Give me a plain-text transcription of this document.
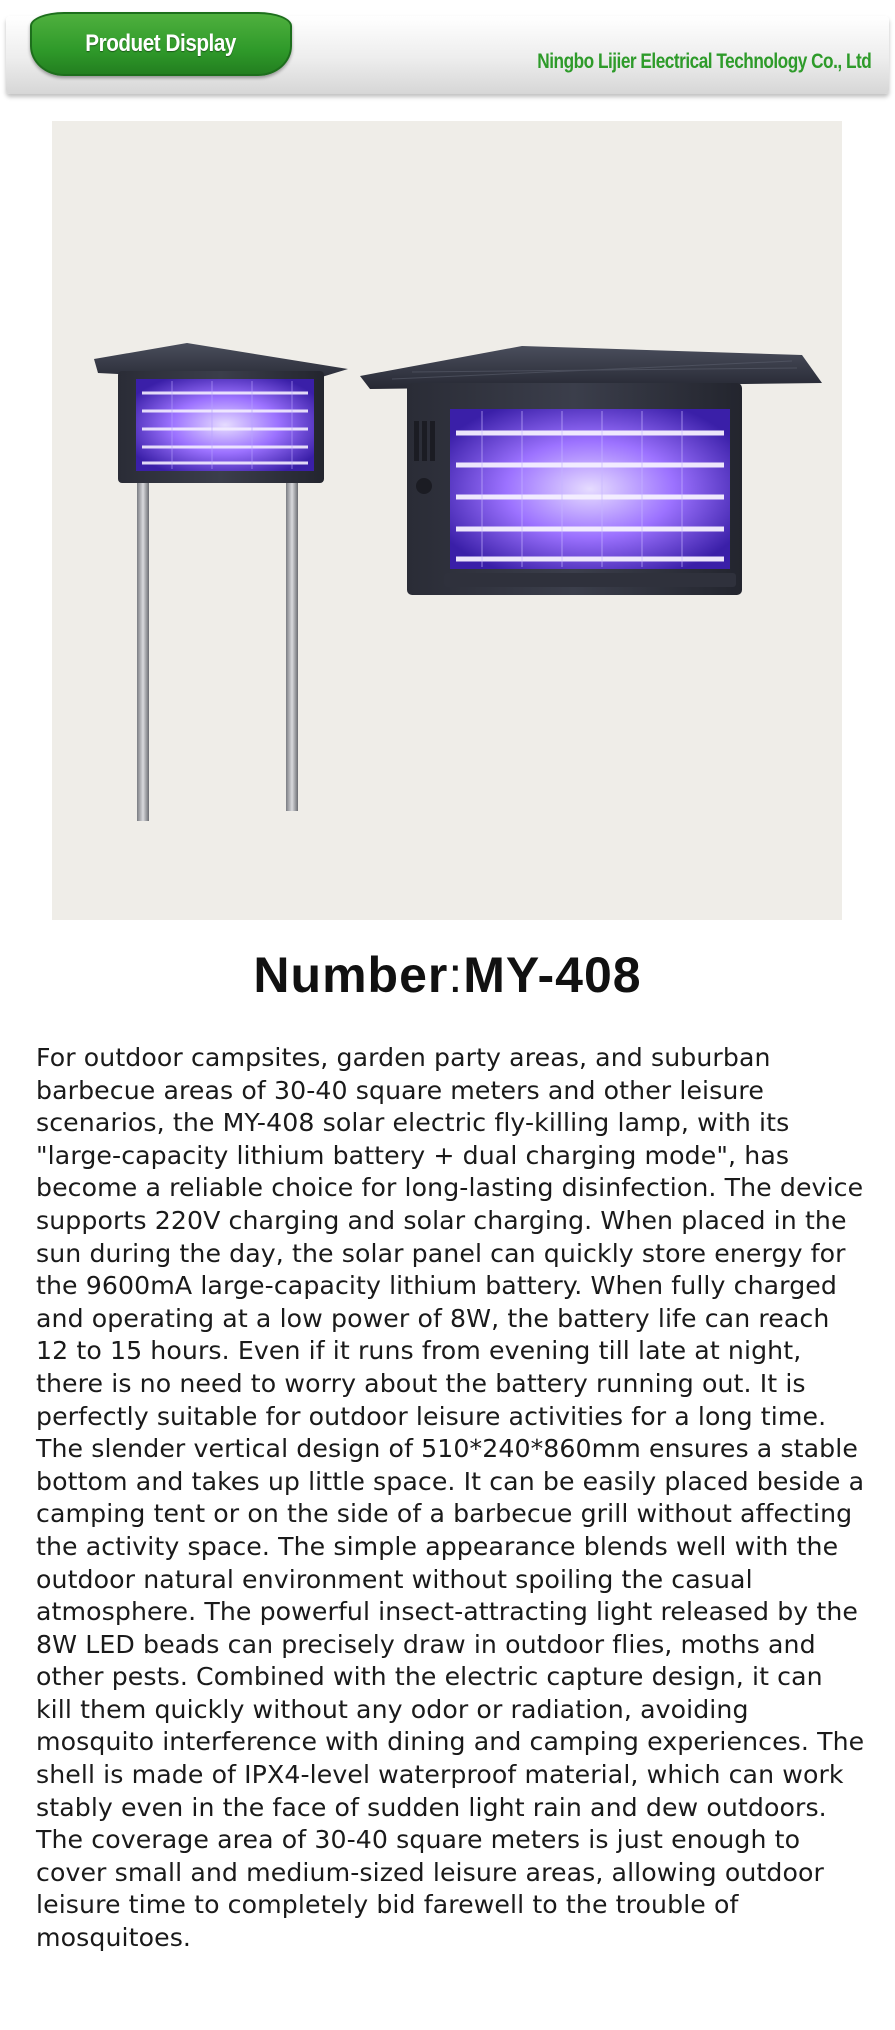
Produet Display
Ningbo Lijier Electrical Technology Co., Ltd
Number:MY-408

For outdoor campsites, garden party areas, and suburban barbecue areas of 30-40 square meters and other leisure scenarios, the MY-408 solar electric fly-killing lamp, with its "large-capacity lithium battery + dual charging mode", has become a reliable choice for long-lasting disinfection. The device supports 220V charging and solar charging. When placed in the sun during the day, the solar panel can quickly store energy for the 9600mA large-capacity lithium battery. When fully charged and operating at a low power of 8W, the battery life can reach 12 to 15 hours. Even if it runs from evening till late at night, there is no need to worry about the battery running out. It is perfectly suitable for outdoor leisure activities for a long time.

The slender vertical design of 510*240*860mm ensures a stable bottom and takes up little space. It can be easily placed beside a camping tent or on the side of a barbecue grill without affecting the activity space. The simple appearance blends well with the outdoor natural environment without spoiling the casual atmosphere. The powerful insect-attracting light released by the 8W LED beads can precisely draw in outdoor flies, moths and other pests. Combined with the electric capture design, it can kill them quickly without any odor or radiation, avoiding mosquito interference with dining and camping experiences. The shell is made of IPX4-level waterproof material, which can work stably even in the face of sudden light rain and dew outdoors. The coverage area of 30-40 square meters is just enough to cover small and medium-sized leisure areas, allowing outdoor leisure time to completely bid farewell to the trouble of mosquitoes.
